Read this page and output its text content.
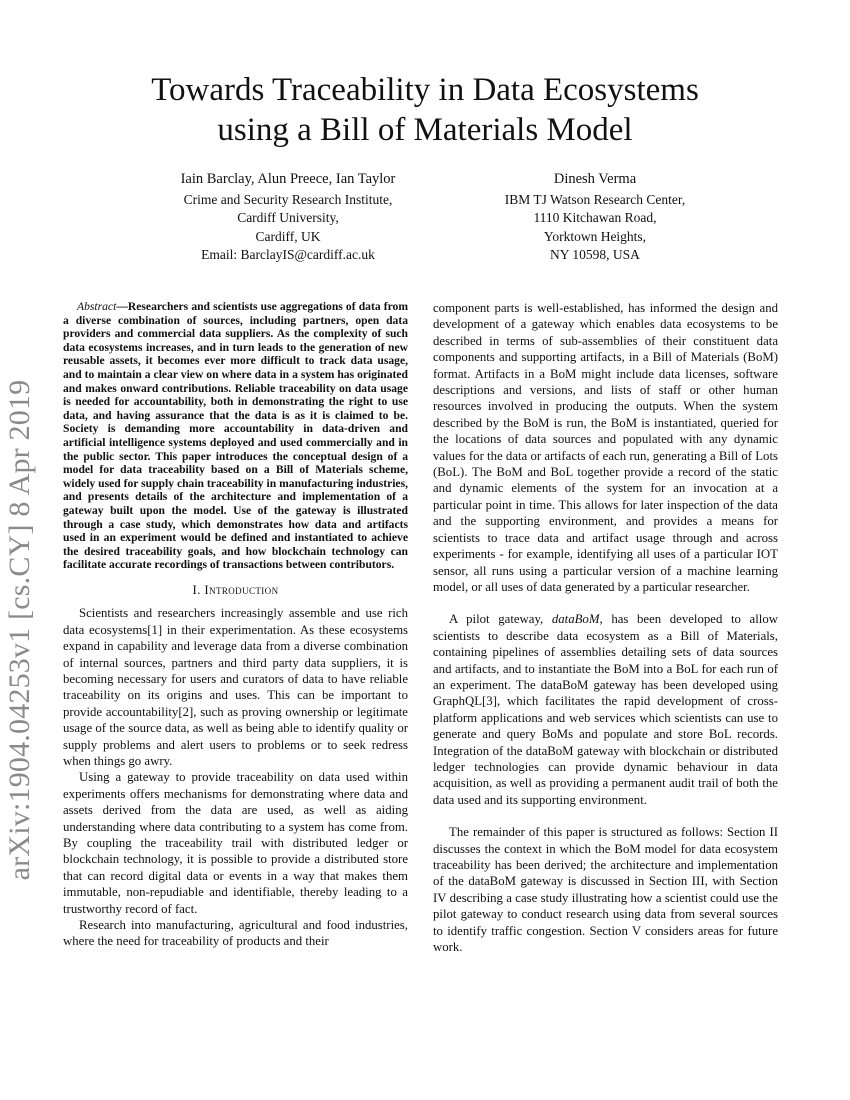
arXiv:1904.04253v1 [cs.CY] 8 Apr 2019
Towards Traceability in Data Ecosystems
using a Bill of Materials Model
Iain Barclay, Alun Preece, Ian Taylor
Crime and Security Research Institute,
Cardiff University,
Cardiff, UK
Email: BarclayIS@cardiff.ac.uk
Dinesh Verma
IBM TJ Watson Research Center,
1110 Kitchawan Road,
Yorktown Heights,
NY 10598, USA
Abstract—Researchers and scientists use aggregations of data from a diverse combination of sources, including partners, open data providers and commercial data suppliers. As the complexity of such data ecosystems increases, and in turn leads to the generation of new reusable assets, it becomes ever more difficult to track data usage, and to maintain a clear view on where data in a system has originated and makes onward contributions. Reliable traceability on data usage is needed for accountability, both in demonstrating the right to use data, and having assurance that the data is as it is claimed to be. Society is demanding more accountability in data-driven and artificial intelligence systems deployed and used commercially and in the public sector. This paper introduces the conceptual design of a model for data traceability based on a Bill of Materials scheme, widely used for supply chain traceability in manufacturing industries, and presents details of the architecture and implementation of a gateway built upon the model. Use of the gateway is illustrated through a case study, which demonstrates how data and artifacts used in an experiment would be defined and instantiated to achieve the desired traceability goals, and how blockchain technology can facilitate accurate recordings of transactions between contributors.
I. Introduction

Scientists and researchers increasingly assemble and use rich data ecosystems[1] in their experimentation. As these ecosystems expand in capability and leverage data from a diverse combination of internal sources, partners and third party data suppliers, it is becoming necessary for users and curators of data to have reliable traceability on its origins and uses. This can be important to provide accountability[2], such as proving ownership or legitimate usage of the source data, as well as being able to identify quality or supply problems and alert users to problems or to seek redress when things go awry.

Using a gateway to provide traceability on data used within experiments offers mechanisms for demonstrating where data and assets derived from the data are used, as well as aiding understanding where data contributing to a system has come from. By coupling the traceability trail with distributed ledger or blockchain technology, it is possible to provide a distributed store that can record digital data or events in a way that makes them immutable, non-repudiable and identifiable, thereby leading to a trustworthy record of fact.

Research into manufacturing, agricultural and food industries, where the need for traceability of products and their

component parts is well-established, has informed the design and development of a gateway which enables data ecosystems to be described in terms of sub-assemblies of their constituent data components and supporting artifacts, in a Bill of Materials (BoM) format. Artifacts in a BoM might include data licenses, software descriptions and versions, and lists of staff or other human resources involved in producing the outputs. When the system described by the BoM is run, the BoM is instantiated, queried for the locations of data sources and populated with any dynamic values for the data or artifacts of each run, generating a Bill of Lots (BoL). The BoM and BoL together provide a record of the static and dynamic elements of the system for an invocation at a particular point in time. This allows for later inspection of the data and the supporting environment, and provides a means for scientists to trace data and artifact usage through and across experiments - for example, identifying all uses of a particular IOT sensor, all runs using a particular version of a machine learning model, or all uses of data generated by a particular researcher.

A pilot gateway, dataBoM, has been developed to allow scientists to describe data ecosystem as a Bill of Materials, containing pipelines of assemblies detailing sets of data sources and artifacts, and to instantiate the BoM into a BoL for each run of an experiment. The dataBoM gateway has been developed using GraphQL[3], which facilitates the rapid development of cross-platform applications and web services which scientists can use to generate and query BoMs and populate and store BoL records. Integration of the dataBoM gateway with blockchain or distributed ledger technologies can provide dynamic behaviour in data acquisition, as well as providing a permanent audit trail of both the data used and its supporting environment.

The remainder of this paper is structured as follows: Section II discusses the context in which the BoM model for data ecosystem traceability has been derived; the architecture and implementation of the dataBoM gateway is discussed in Section III, with Section IV describing a case study illustrating how a scientist could use the pilot gateway to conduct research using data from several sources to identify traffic congestion. Section V considers areas for future work.
